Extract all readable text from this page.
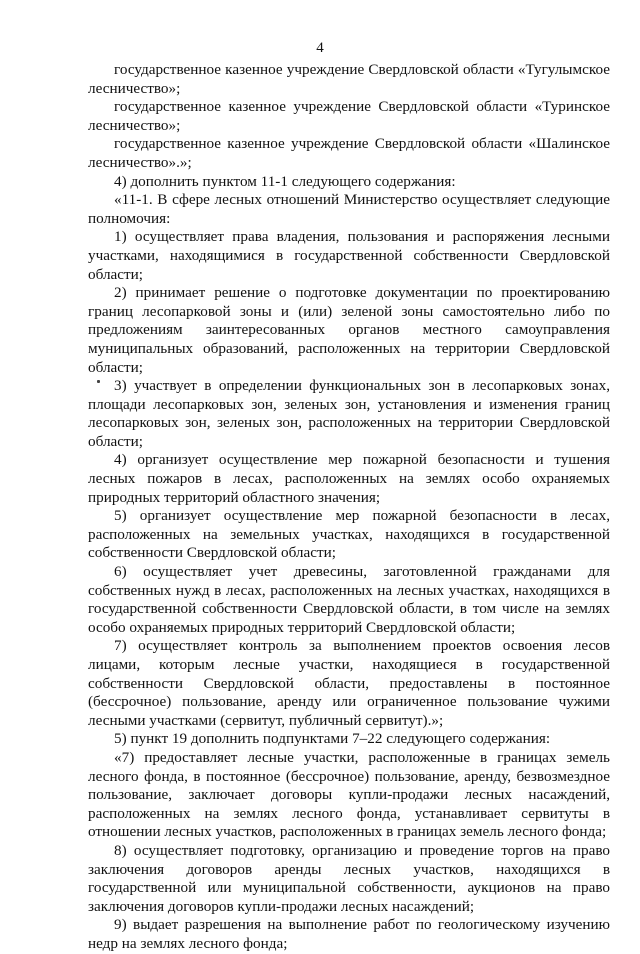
4

государственное казенное учреждение Свердловской области «Тугулымское лесничество»;

государственное казенное учреждение Свердловской области «Туринское лесничество»;

государственное казенное учреждение Свердловской области «Шалинское лесничество».»;

4) дополнить пунктом 11-1 следующего содержания:

«11-1. В сфере лесных отношений Министерство осуществляет следующие полномочия:

1) осуществляет права владения, пользования и распоряжения лесными участками, находящимися в государственной собственности Свердловской области;

2) принимает решение о подготовке документации по проектированию границ лесопарковой зоны и (или) зеленой зоны самостоятельно либо по предложениям заинтересованных органов местного самоуправления муниципальных образований, расположенных на территории Свердловской области;

3) участвует в определении функциональных зон в лесопарковых зонах, площади лесопарковых зон, зеленых зон, установления и изменения границ лесопарковых зон, зеленых зон, расположенных на территории Свердловской области;

4) организует осуществление мер пожарной безопасности и тушения лесных пожаров в лесах, расположенных на землях особо охраняемых природных территорий областного значения;

5) организует осуществление мер пожарной безопасности в лесах, расположенных на земельных участках, находящихся в государственной собственности Свердловской области;

6) осуществляет учет древесины, заготовленной гражданами для собственных нужд в лесах, расположенных на лесных участках, находящихся в государственной собственности Свердловской области, в том числе на землях особо охраняемых природных территорий Свердловской области;

7) осуществляет контроль за выполнением проектов освоения лесов лицами, которым лесные участки, находящиеся в государственной собственности Свердловской области, предоставлены в постоянное (бессрочное) пользование, аренду или ограниченное пользование чужими лесными участками (сервитут, публичный сервитут).»;

5) пункт 19 дополнить подпунктами 7–22 следующего содержания:

«7) предоставляет лесные участки, расположенные в границах земель лесного фонда, в постоянное (бессрочное) пользование, аренду, безвозмездное пользование, заключает договоры купли-продажи лесных насаждений, расположенных на землях лесного фонда, устанавливает сервитуты в отношении лесных участков, расположенных в границах земель лесного фонда;

8) осуществляет подготовку, организацию и проведение торгов на право заключения договоров аренды лесных участков, находящихся в государственной или муниципальной собственности, аукционов на право заключения договоров купли-продажи лесных насаждений;

9) выдает разрешения на выполнение работ по геологическому изучению недр на землях лесного фонда;
